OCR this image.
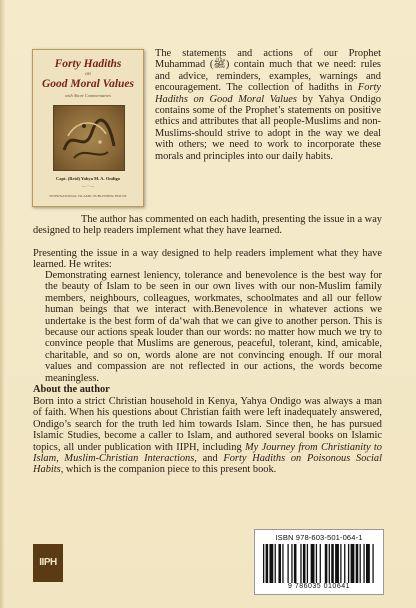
Forty Hadiths
on
Good Moral Values
with Short Commentaries
Capt. (Retd) Yahya M. A. Ondigo
— ◦ —
INTERNATIONAL ISLAMIC PUBLISHING HOUSE
The statements and actions of our Prophet Muhammad (ﷺ) contain much that we need: rules and advice, reminders, examples, warnings and encouragement. The collection of hadiths in Forty Hadiths on Good Moral Values by Yahya Ondigo contains some of the Prophet’s statements on positive ethics and attributes that all people-Muslims and non-Muslims-should strive to adopt in the way we deal with others; we need to work to incorporate these morals and principles into our daily habits.
The author has commented on each hadith, presenting the issue in a way designed to help readers implement what they have learned.
Presenting the issue in a way designed to help readers implement what they have learned. He writes:
Demonstrating earnest leniency, tolerance and benevolence is the best way for the beauty of Islam to be seen in our own lives with our non-Muslim family members, neighbours, colleagues, workmates, schoolmates and all our fellow human beings that we interact with.Benevolence in whatever actions we undertake is the best form of da‘wah that we can give to another person. This is because our actions speak louder than our words: no matter how much we try to convince people that Muslims are generous, peaceful, tolerant, kind, amicable, charitable, and so on, words alone are not convincing enough. If our moral values and compassion are not reflected in our actions, the words become meaningless.
About the author
Born into a strict Christian household in Kenya, Yahya Ondigo was always a man of faith. When his questions about Christian faith were left inadequately answered, Ondigo’s search for the truth led him towards Islam. Since then, he has pursued Islamic Studies, become a caller to Islam, and authored several books on Islamic topics, all under publication with IIPH, including My Journey from Christianity to Islam, Muslim-Christian Interactions, and Forty Hadiths on Poisonous Social Habits, which is the companion piece to this present book.
ISBN 978-603-501-064-1
9 786035 010641
IIPH
